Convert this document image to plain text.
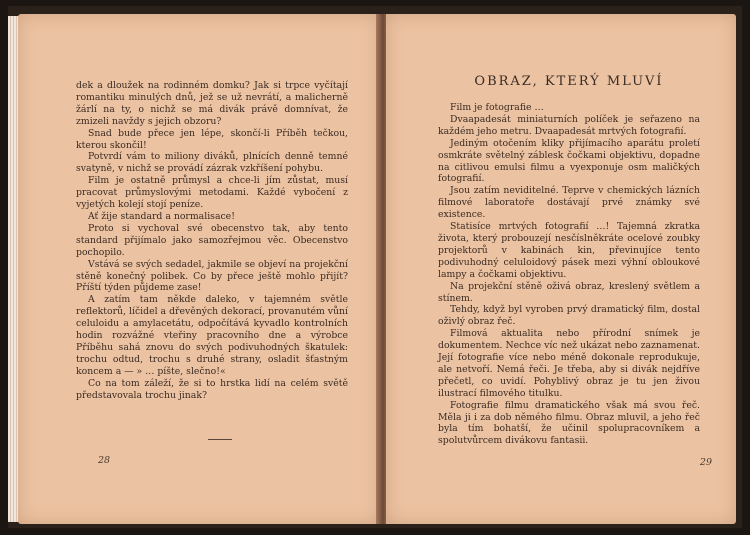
dek a dloužek na rodinném domku? Jak si trpce vyčítají romantiku minulých dnů, jež se už nevrátí, a malicherně žárlí na ty, o nichž se má divák právě domnívat, že zmizeli navždy s jejich obzoru?

Snad bude přece jen lépe, skončí-li Příběh tečkou, kterou skončil!

Potvrdí vám to miliony diváků, plnících denně temné svatyně, v nichž se provádí zázrak vzkříšení pohybu.

Film je ostatně průmysl a chce-li jím zůstat, musí pracovat průmyslovými metodami. Každé vybočení z vyjetých kolejí stojí peníze.

Ať žije standard a normalisace!

Proto si vychoval své obecenstvo tak, aby tento standard přijímalo jako samozřejmou věc. Obecenstvo pochopilo.

Vstává se svých sedadel, jakmile se objeví na projekční stěně konečný polibek. Co by přece ještě mohlo přijít? Příští týden půjdeme zase!

A zatím tam někde daleko, v tajemném světle reflektorů, líčidel a dřevěných dekorací, provanutém vůní celuloidu a amylacetátu, odpočítává kyvadlo kontrolních hodin rozvážné vteřiny pracovního dne a výrobce Příběhu sahá znovu do svých podivuhodných škatulek: trochu odtud, trochu s druhé strany, osladit šťastným koncem a — » … píšte, slečno!«

Co na tom záleží, že si to hrstka lidí na celém světě představovala trochu jinak?

28
OBRAZ, KTERÝ MLUVÍ

Film je fotografie …

Dvaapadesát miniaturních políček je seřazeno na každém jeho metru. Dvaapadesát mrtvých fotografií.

Jediným otočením kliky přijímacího aparátu proletí osmkráte světelný záblesk čočkami objektivu, dopadne na citlivou emulsi filmu a vyexponuje osm maličkých fotografií.

Jsou zatím neviditelné. Teprve v chemických lázních filmové laboratoře dostávají prvé známky své existence.

Statisíce mrtvých fotografií …! Tajemná zkratka života, který probouzejí nesčíslněkráte ocelové zoubky projektorů v kabinách kin, převinujíce tento podivuhodný celuloidový pásek mezi výhní obloukové lampy a čočkami objektivu.

Na projekční stěně oživá obraz, kreslený světlem a stínem.

Tehdy, když byl vyroben prvý dramatický film, dostal oživlý obraz řeč.

Filmová aktualita nebo přírodní snímek je dokumentem. Nechce víc než ukázat nebo zaznamenat. Její fotografie více nebo méně dokonale reprodukuje, ale netvoří. Nemá řeči. Je třeba, aby si divák nejdříve přečetl, co uvidí. Pohyblivý obraz je tu jen živou ilustrací filmového titulku.

Fotografie filmu dramatického však má svou řeč. Měla ji i za dob němého filmu. Obraz mluvil, a jeho řeč byla tím bohatší, že učinil spolupracovníkem a spolutvůrcem divákovu fantasii.

29
